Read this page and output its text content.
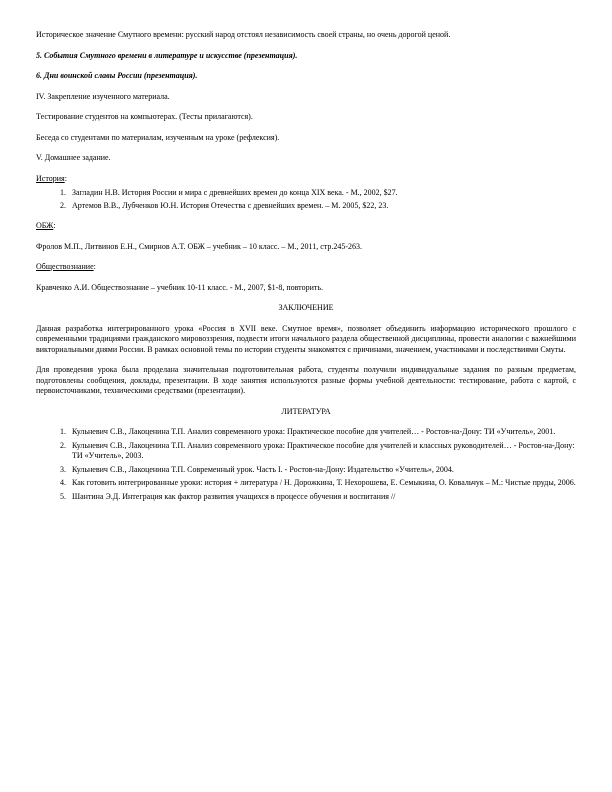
Историческое значение Смутного времени: русский народ отстоял независимость своей страны, но очень дорогой ценой.

5. События Смутного времени в литературе и искусстве (презентация).

6. Дни воинской славы России (презентация).

IV. Закрепление изученного материала.

Тестирование студентов на компьютерах. (Тесты прилагаются).

Беседа со студентами по материалам, изученным на уроке (рефлексия).

V. Домашнее задание.

История:

1. Загладин Н.В. История России и мира с древнейших времен до конца XIX века. - М., 2002, $27.
2. Артемов В.В., Лубченков Ю.Н. История Отечества с древнейших времен. – М. 2005, $22, 23.

ОБЖ:

Фролов М.П., Литвинов Е.Н., Смирнов А.Т. ОБЖ – учебник – 10 класс. – М., 2011, стр.245-263.

Обществознание:

Кравченко А.И. Обществознание – учебник 10-11 класс. - М., 2007, $1-8, повторить.

ЗАКЛЮЧЕНИЕ

Данная разработка интегрированного урока «Россия в XVII веке. Смутное время», позволяет объединить информацию исторического прошлого с современными традициями гражданского мировоззрения, подвести итоги начального раздела общественной дисциплины, провести аналогии с важнейшими викториальными днями России. В рамках основной темы по истории студенты знакомятся с причинами, значением, участниками и последствиями Смуты.

Для проведения урока была проделана значительная подготовительная работа, студенты получили индивидуальные задания по разным предметам, подготовлены сообщения, доклады, презентации. В ходе занятия используются разные формы учебной деятельности: тестирование, работа с картой, с первоисточниками, техническими средствами (презентации).

ЛИТЕРАТУРА

1. Кульневич С.В., Лакоценина Т.П. Анализ современного урока: Практическое пособие для учителей… - Ростов-на-Дону: ТИ «Учитель», 2001.
2. Кульневич С.В., Лакоценина Т.П. Анализ современного урока: Практическое пособие для учителей и классных руководителей… - Ростов-на-Дону: ТИ «Учитель», 2003.
3. Кульневич С.В., Лакоценина Т.П. Современный урок. Часть I. - Ростов-на-Дону: Издательство «Учитель», 2004.
4. Как готовить интегрированные уроки: история + литература / Н. Дорожкина, Т. Нехорошева, Е. Семыкина, О. Ковальчук – М.: Чистые пруды, 2006.
5. Шантина Э.Д. Интеграция как фактор развития учащихся в процессе обучения и воспитания //
